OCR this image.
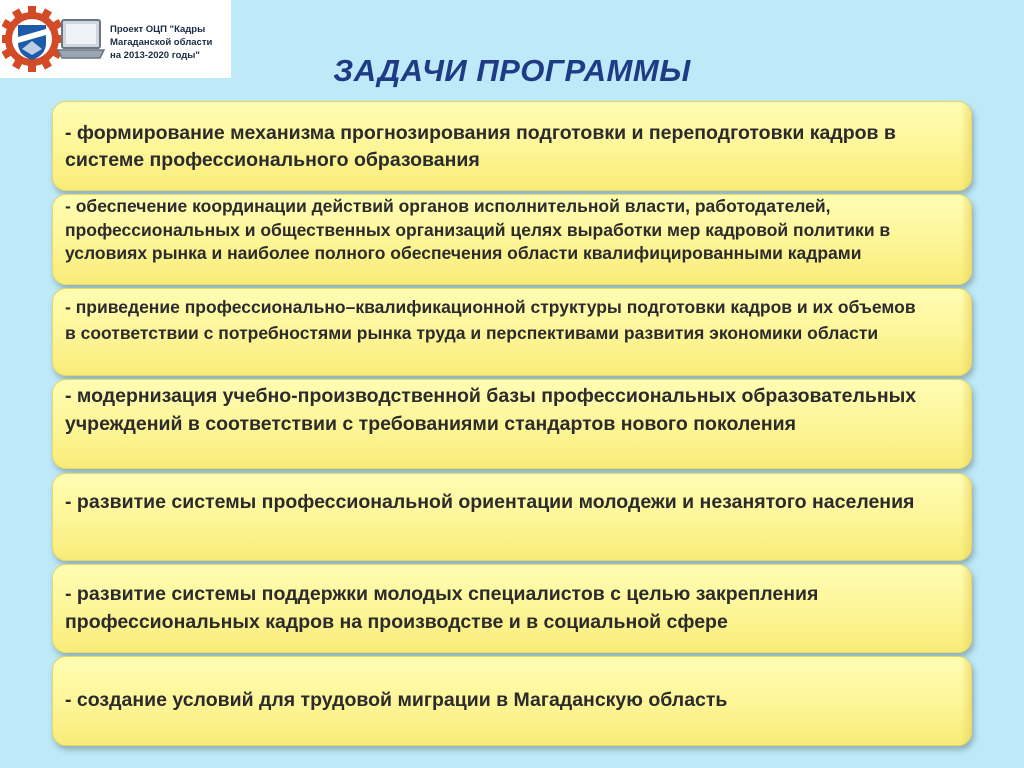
Проект ОЦП "Кадры
Магаданской области
на 2013-2020 годы"	ЗАДАЧИ ПРОГРАММЫ
- формирование механизма прогнозирования подготовки и переподготовки кадров в системе профессионального образования
- обеспечение координации действий органов исполнительной власти, работодателей, профессиональных и общественных организаций целях выработки мер кадровой политики в условиях рынка и наиболее полного обеспечения области квалифицированными кадрами
- приведение профессионально–квалификационной структуры подготовки кадров и их объемов в соответствии с потребностями рынка труда и перспективами развития экономики области
- модернизация учебно-производственной базы профессиональных образовательных учреждений в соответствии с требованиями стандартов нового поколения
- развитие системы профессиональной ориентации молодежи и незанятого населения
- развитие системы поддержки молодых специалистов с целью закрепления профессиональных кадров на производстве и в социальной сфере
- создание условий для трудовой миграции в Магаданскую область
